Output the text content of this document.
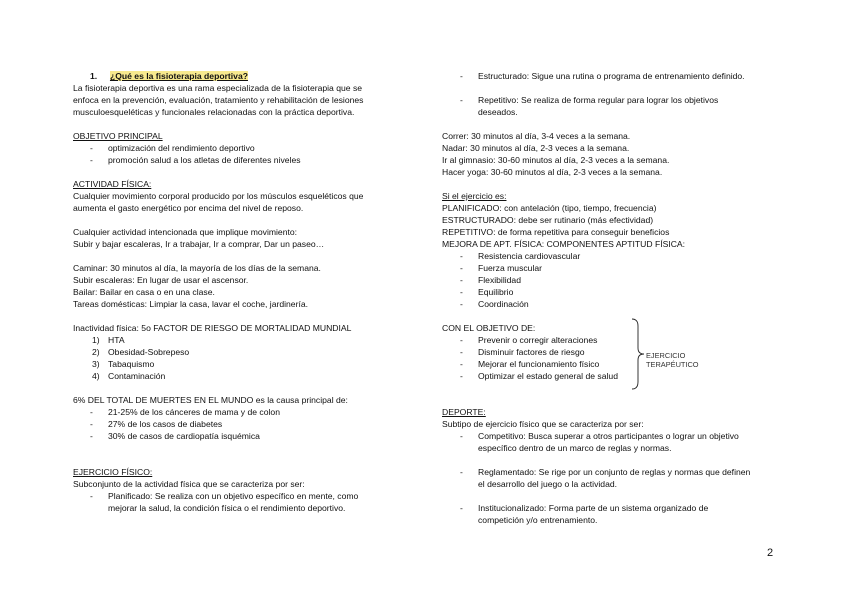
1. ¿Qué es la fisioterapia deportiva?
La fisioterapia deportiva es una rama especializada de la fisioterapia que se
enfoca en la prevención, evaluación, tratamiento y rehabilitación de lesiones
musculoesqueléticas y funcionales relacionadas con la práctica deportiva.
OBJETIVO PRINCIPAL
- optimización del rendimiento deportivo
- promoción salud a los atletas de diferentes niveles
ACTIVIDAD FÍSICA:
Cualquier movimiento corporal producido por los músculos esqueléticos que
aumenta el gasto energético por encima del nivel de reposo.
Cualquier actividad intencionada que implique movimiento:
Subir y bajar escaleras, Ir a trabajar, Ir a comprar, Dar un paseo…
Caminar: 30 minutos al día, la mayoría de los días de la semana.
Subir escaleras: En lugar de usar el ascensor.
Bailar: Bailar en casa o en una clase.
Tareas domésticas: Limpiar la casa, lavar el coche, jardinería.
Inactividad física: 5o FACTOR DE RIESGO DE MORTALIDAD MUNDIAL
1) HTA
2) Obesidad-Sobrepeso
3) Tabaquismo
4) Contaminación
6% DEL TOTAL DE MUERTES EN EL MUNDO es la causa principal de:
- 21-25% de los cánceres de mama y de colon
- 27% de los casos de diabetes
- 30% de casos de cardiopatía isquémica
EJERCICIO FÍSICO:
Subconjunto de la actividad física que se caracteriza por ser:
- Planificado: Se realiza con un objetivo específico en mente, como
mejorar la salud, la condición física o el rendimiento deportivo.
- Estructurado: Sigue una rutina o programa de entrenamiento definido.
- Repetitivo: Se realiza de forma regular para lograr los objetivos
deseados.
Correr: 30 minutos al día, 3-4 veces a la semana.
Nadar: 30 minutos al día, 2-3 veces a la semana.
Ir al gimnasio: 30-60 minutos al día, 2-3 veces a la semana.
Hacer yoga: 30-60 minutos al día, 2-3 veces a la semana.
Si el ejercicio es:
PLANIFICADO: con antelación (tipo, tiempo, frecuencia)
ESTRUCTURADO: debe ser rutinario (más efectividad)
REPETITIVO: de forma repetitiva para conseguir beneficios
MEJORA DE APT. FÍSICA: COMPONENTES APTITUD FÍSICA:
- Resistencia cardiovascular
- Fuerza muscular
- Flexibilidad
- Equilibrio
- Coordinación
CON EL OBJETIVO DE:
- Prevenir o corregir alteraciones
- Disminuir factores de riesgo
- Mejorar el funcionamiento físico
- Optimizar el estado general de salud
EJERCICIO
TERAPÉUTICO
DEPORTE:
Subtipo de ejercicio físico que se caracteriza por ser:
- Competitivo: Busca superar a otros participantes o lograr un objetivo
específico dentro de un marco de reglas y normas.
- Reglamentado: Se rige por un conjunto de reglas y normas que definen
el desarrollo del juego o la actividad.
- Institucionalizado: Forma parte de un sistema organizado de
competición y/o entrenamiento.
2
